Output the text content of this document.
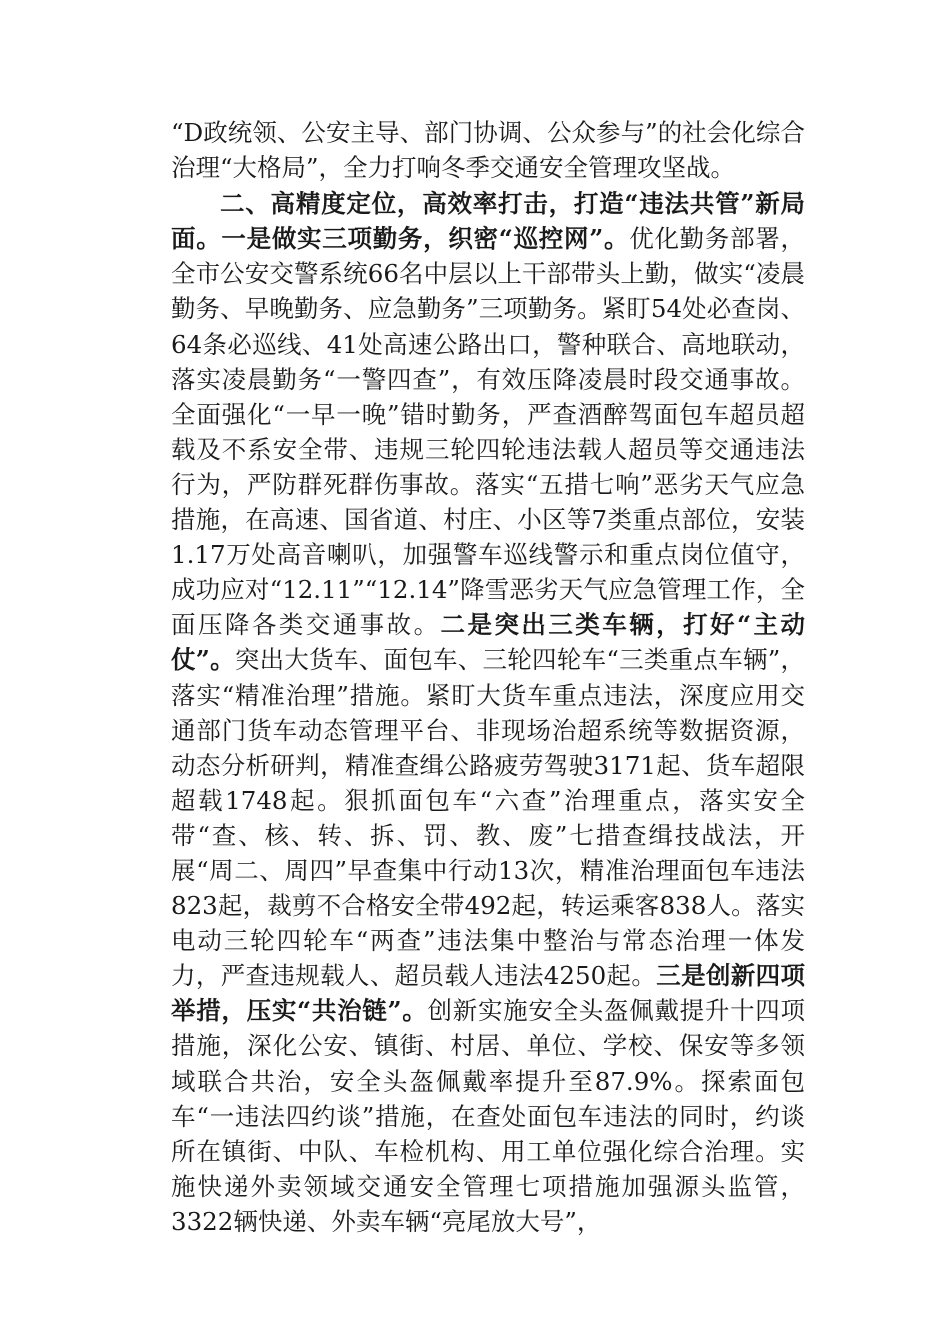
“D政统领、公安主导、部门协调、公众参与”的社会化综合治理“大格局”，全力打响冬季交通安全管理攻坚战。

二、高精度定位，高效率打击，打造“违法共管”新局面。一是做实三项勤务，织密“巡控网”。优化勤务部署，全市公安交警系统66名中层以上干部带头上勤，做实“凌晨勤务、早晚勤务、应急勤务”三项勤务。紧盯54处必查岗、64条必巡线、41处高速公路出口，警种联合、高地联动，落实凌晨勤务“一警四查”，有效压降凌晨时段交通事故。全面强化“一早一晚”错时勤务，严查酒醉驾面包车超员超载及不系安全带、违规三轮四轮违法载人超员等交通违法行为，严防群死群伤事故。落实“五措七响”恶劣天气应急措施，在高速、国省道、村庄、小区等7类重点部位，安装1.17万处高音喇叭，加强警车巡线警示和重点岗位值守，成功应对“12.11”“12.14”降雪恶劣天气应急管理工作，全面压降各类交通事故。二是突出三类车辆，打好“主动仗”。突出大货车、面包车、三轮四轮车“三类重点车辆”，落实“精准治理”措施。紧盯大货车重点违法，深度应用交通部门货车动态管理平台、非现场治超系统等数据资源，动态分析研判，精准查缉公路疲劳驾驶3171起、货车超限超载1748起。狠抓面包车“六查”治理重点，落实安全带“查、核、转、拆、罚、教、废”七措查缉技战法，开展“周二、周四”早查集中行动13次，精准治理面包车违法823起，裁剪不合格安全带492起，转运乘客838人。落实电动三轮四轮车“两查”违法集中整治与常态治理一体发力，严查违规载人、超员载人违法4250起。三是创新四项举措，压实“共治链”。创新实施安全头盔佩戴提升十四项措施，深化公安、镇街、村居、单位、学校、保安等多领域联合共治，安全头盔佩戴率提升至87.9%。探索面包车“一违法四约谈”措施，在查处面包车违法的同时，约谈所在镇街、中队、车检机构、用工单位强化综合治理。实施快递外卖领域交通安全管理七项措施加强源头监管，3322辆快递、外卖车辆“亮尾放大号”，
